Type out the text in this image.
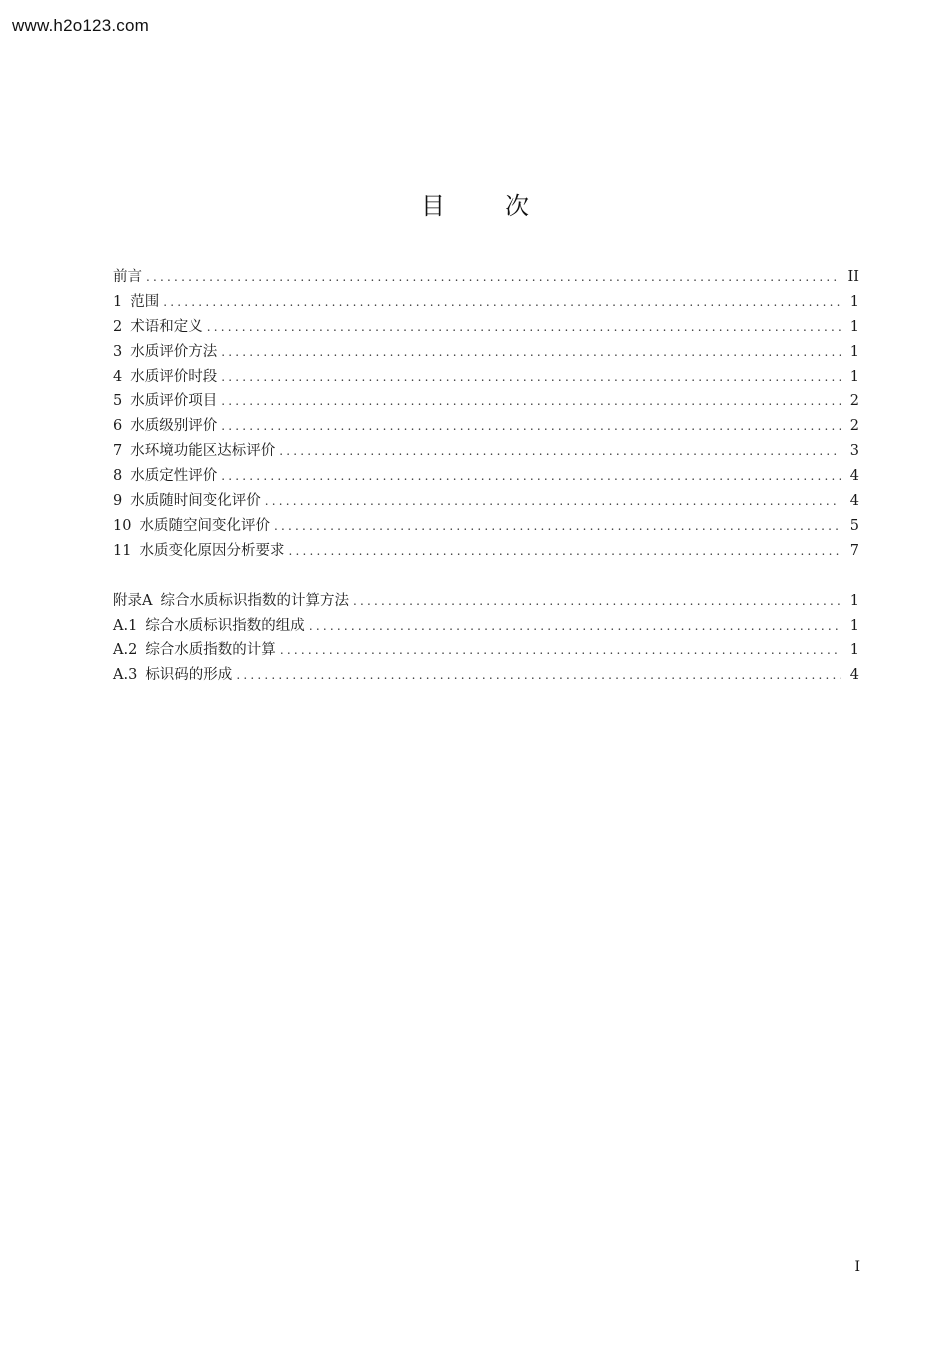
www.h2o123.com
目	次
前言 .....	II
1 范围 .....	1
2 术语和定义 .....	1
3 水质评价方法 .....	1
4 水质评价时段 .....	1
5 水质评价项目 .....	2
6 水质级别评价 .....	2
7 水环境功能区达标评价 .....	3
8 水质定性评价 .....	4
9 水质随时间变化评价 .....	4
10 水质随空间变化评价 .....	5
11 水质变化原因分析要求 .....	7
附录A 综合水质标识指数的计算方法 .....	1
A.1 综合水质标识指数的组成 .....	1
A.2 综合水质指数的计算 .....	1
A.3 标识码的形成 .....	4
I
